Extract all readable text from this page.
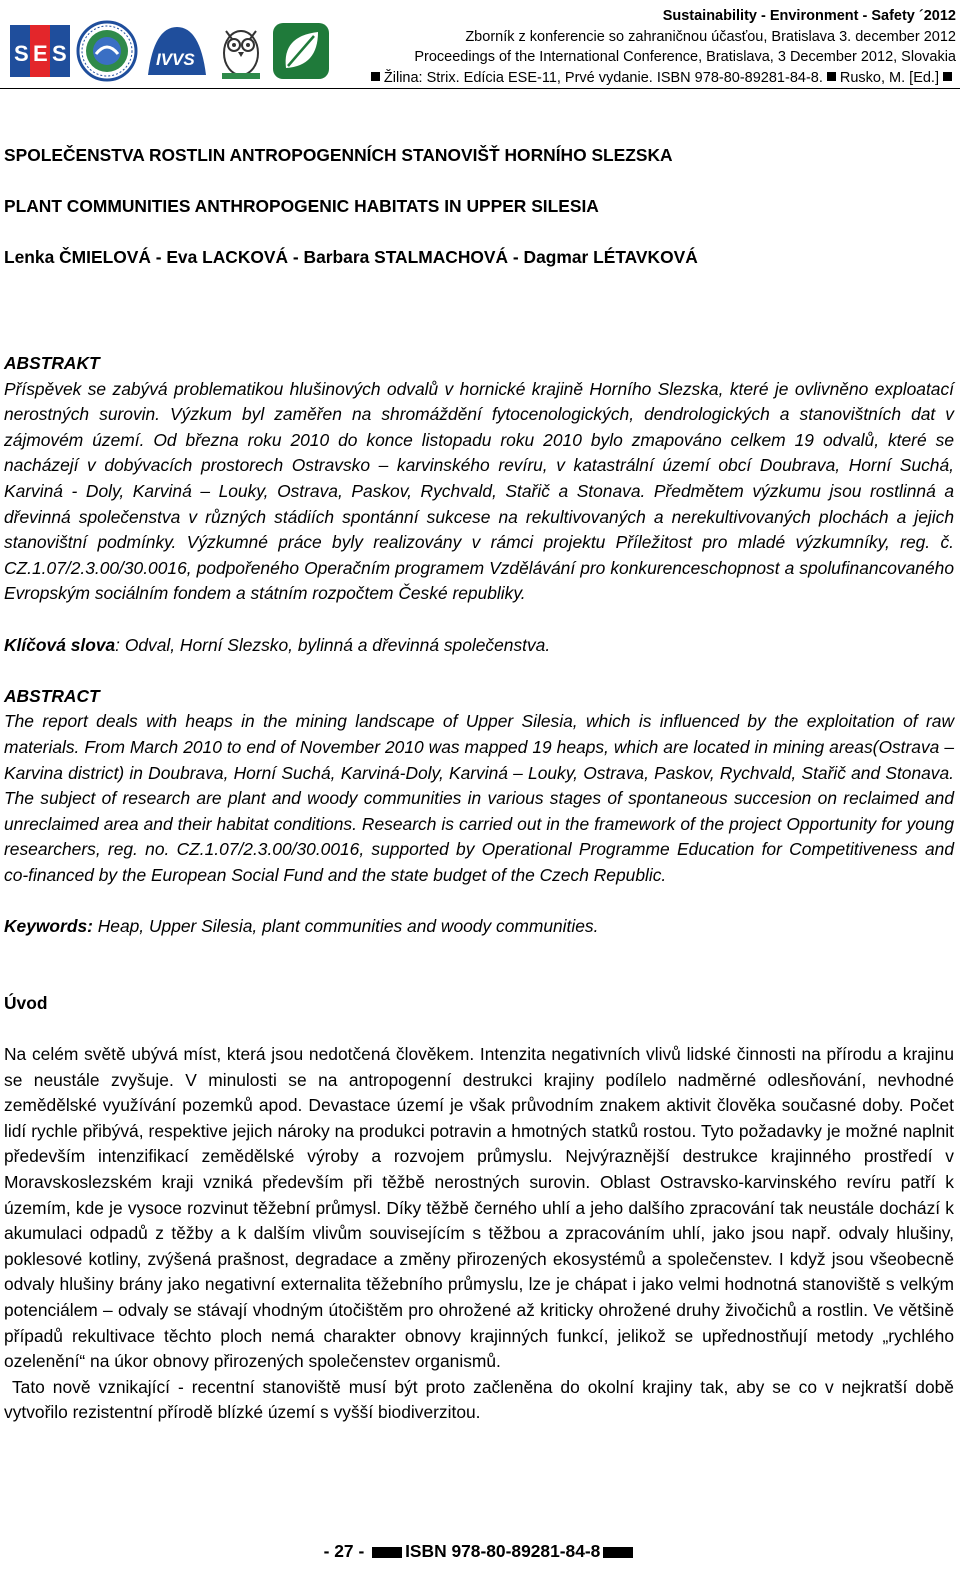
S E S	IVVS
Sustainability - Environment - Safety ´2012
Zborník z konferencie so zahraničnou účasťou, Bratislava 3. december 2012
Proceedings of the International Conference, Bratislava, 3 December 2012, Slovakia
Žilina: Strix. Edícia ESE-11, Prvé vydanie. ISBN 978-80-89281-84-8. Rusko, M. [Ed.]

SPOLEČENSTVA ROSTLIN ANTROPOGENNÍCH STANOVIŠŤ HORNÍHO SLEZSKA

PLANT COMMUNITIES ANTHROPOGENIC HABITATS IN UPPER SILESIA

Lenka ČMIELOVÁ - Eva LACKOVÁ - Barbara STALMACHOVÁ - Dagmar LÉTAVKOVÁ

ABSTRAKT

Příspěvek se zabývá problematikou hlušinových odvalů v hornické krajině Horního Slezska, které je ovlivněno exploatací nerostných surovin. Výzkum byl zaměřen na shromáždění fytocenologických, dendrologických a stanovištních dat v zájmovém území. Od března roku 2010 do konce listopadu roku 2010 bylo zmapováno celkem 19 odvalů, které se nacházejí v dobývacích prostorech Ostravsko – karvinského revíru, v katastrální území obcí Doubrava, Horní Suchá, Karviná - Doly, Karviná – Louky, Ostrava, Paskov, Rychvald, Stařič a Stonava. Předmětem výzkumu jsou rostlinná a dřevinná společenstva v různých stádiích spontánní sukcese na rekultivovaných a nerekultivovaných plochách a jejich stanovištní podmínky. Výzkumné práce byly realizovány v rámci projektu Příležitost pro mladé výzkumníky, reg. č. CZ.1.07/2.3.00/30.0016, podpořeného Operačním programem Vzdělávání pro konkurenceschopnost a spolufinancovaného Evropským sociálním fondem a státním rozpočtem České republiky.

Klíčová slova: Odval, Horní Slezsko, bylinná a dřevinná společenstva.

ABSTRACT

The report deals with heaps in the mining landscape of Upper Silesia, which is influenced by the exploitation of raw materials. From March 2010 to end of November 2010 was mapped 19 heaps, which are located in mining areas(Ostrava – Karvina district) in Doubrava, Horní Suchá, Karviná-Doly, Karviná – Louky, Ostrava, Paskov, Rychvald, Stařič and Stonava. The subject of research are plant and woody communities in various stages of spontaneous succesion on reclaimed and unreclaimed area and their habitat conditions. Research is carried out in the framework of the project Opportunity for young researchers, reg. no. CZ.1.07/2.3.00/30.0016, supported by Operational Programme Education for Competitiveness and co-financed by the European Social Fund and the state budget of the Czech Republic.

Keywords: Heap, Upper Silesia, plant communities and woody communities.

Úvod

Na celém světě ubývá míst, která jsou nedotčená člověkem. Intenzita negativních vlivů lidské činnosti na přírodu a krajinu se neustále zvyšuje. V minulosti se na antropogenní destrukci krajiny podílelo nadměrné odlesňování, nevhodné zemědělské využívání pozemků apod. Devastace území je však průvodním znakem aktivit člověka současné doby. Počet lidí rychle přibývá, respektive jejich nároky na produkci potravin a hmotných statků rostou. Tyto požadavky je možné naplnit především intenzifikací zemědělské výroby a rozvojem průmyslu. Nejvýraznější destrukce krajinného prostředí v Moravskoslezském kraji vzniká především při těžbě nerostných surovin. Oblast Ostravsko-karvinského revíru patří k územím, kde je vysoce rozvinut těžební průmysl. Díky těžbě černého uhlí a jeho dalšího zpracování tak neustále dochází k akumulaci odpadů z těžby a k dalším vlivům souvisejícím s těžbou a zpracováním uhlí, jako jsou např. odvaly hlušiny, poklesové kotliny, zvýšená prašnost, degradace a změny přirozených ekosystémů a společenstev. I když jsou všeobecně odvaly hlušiny brány jako negativní externalita těžebního průmyslu, lze je chápat i jako velmi hodnotná stanoviště s velkým potenciálem – odvaly se stávají vhodným útočištěm pro ohrožené až kriticky ohrožené druhy živočichů a rostlin. Ve většině případů rekultivace těchto ploch nemá charakter obnovy krajinných funkcí, jelikož se upřednostňují metody „rychlého ozelenění“ na úkor obnovy přirozených společenstev organismů.

Tato nově vznikající - recentní stanoviště musí být proto začleněna do okolní krajiny tak, aby se co v nejkratší době vytvořilo rezistentní přírodě blízké území s vyšší biodiverzitou.

- 27 - ISBN 978-80-89281-84-8
